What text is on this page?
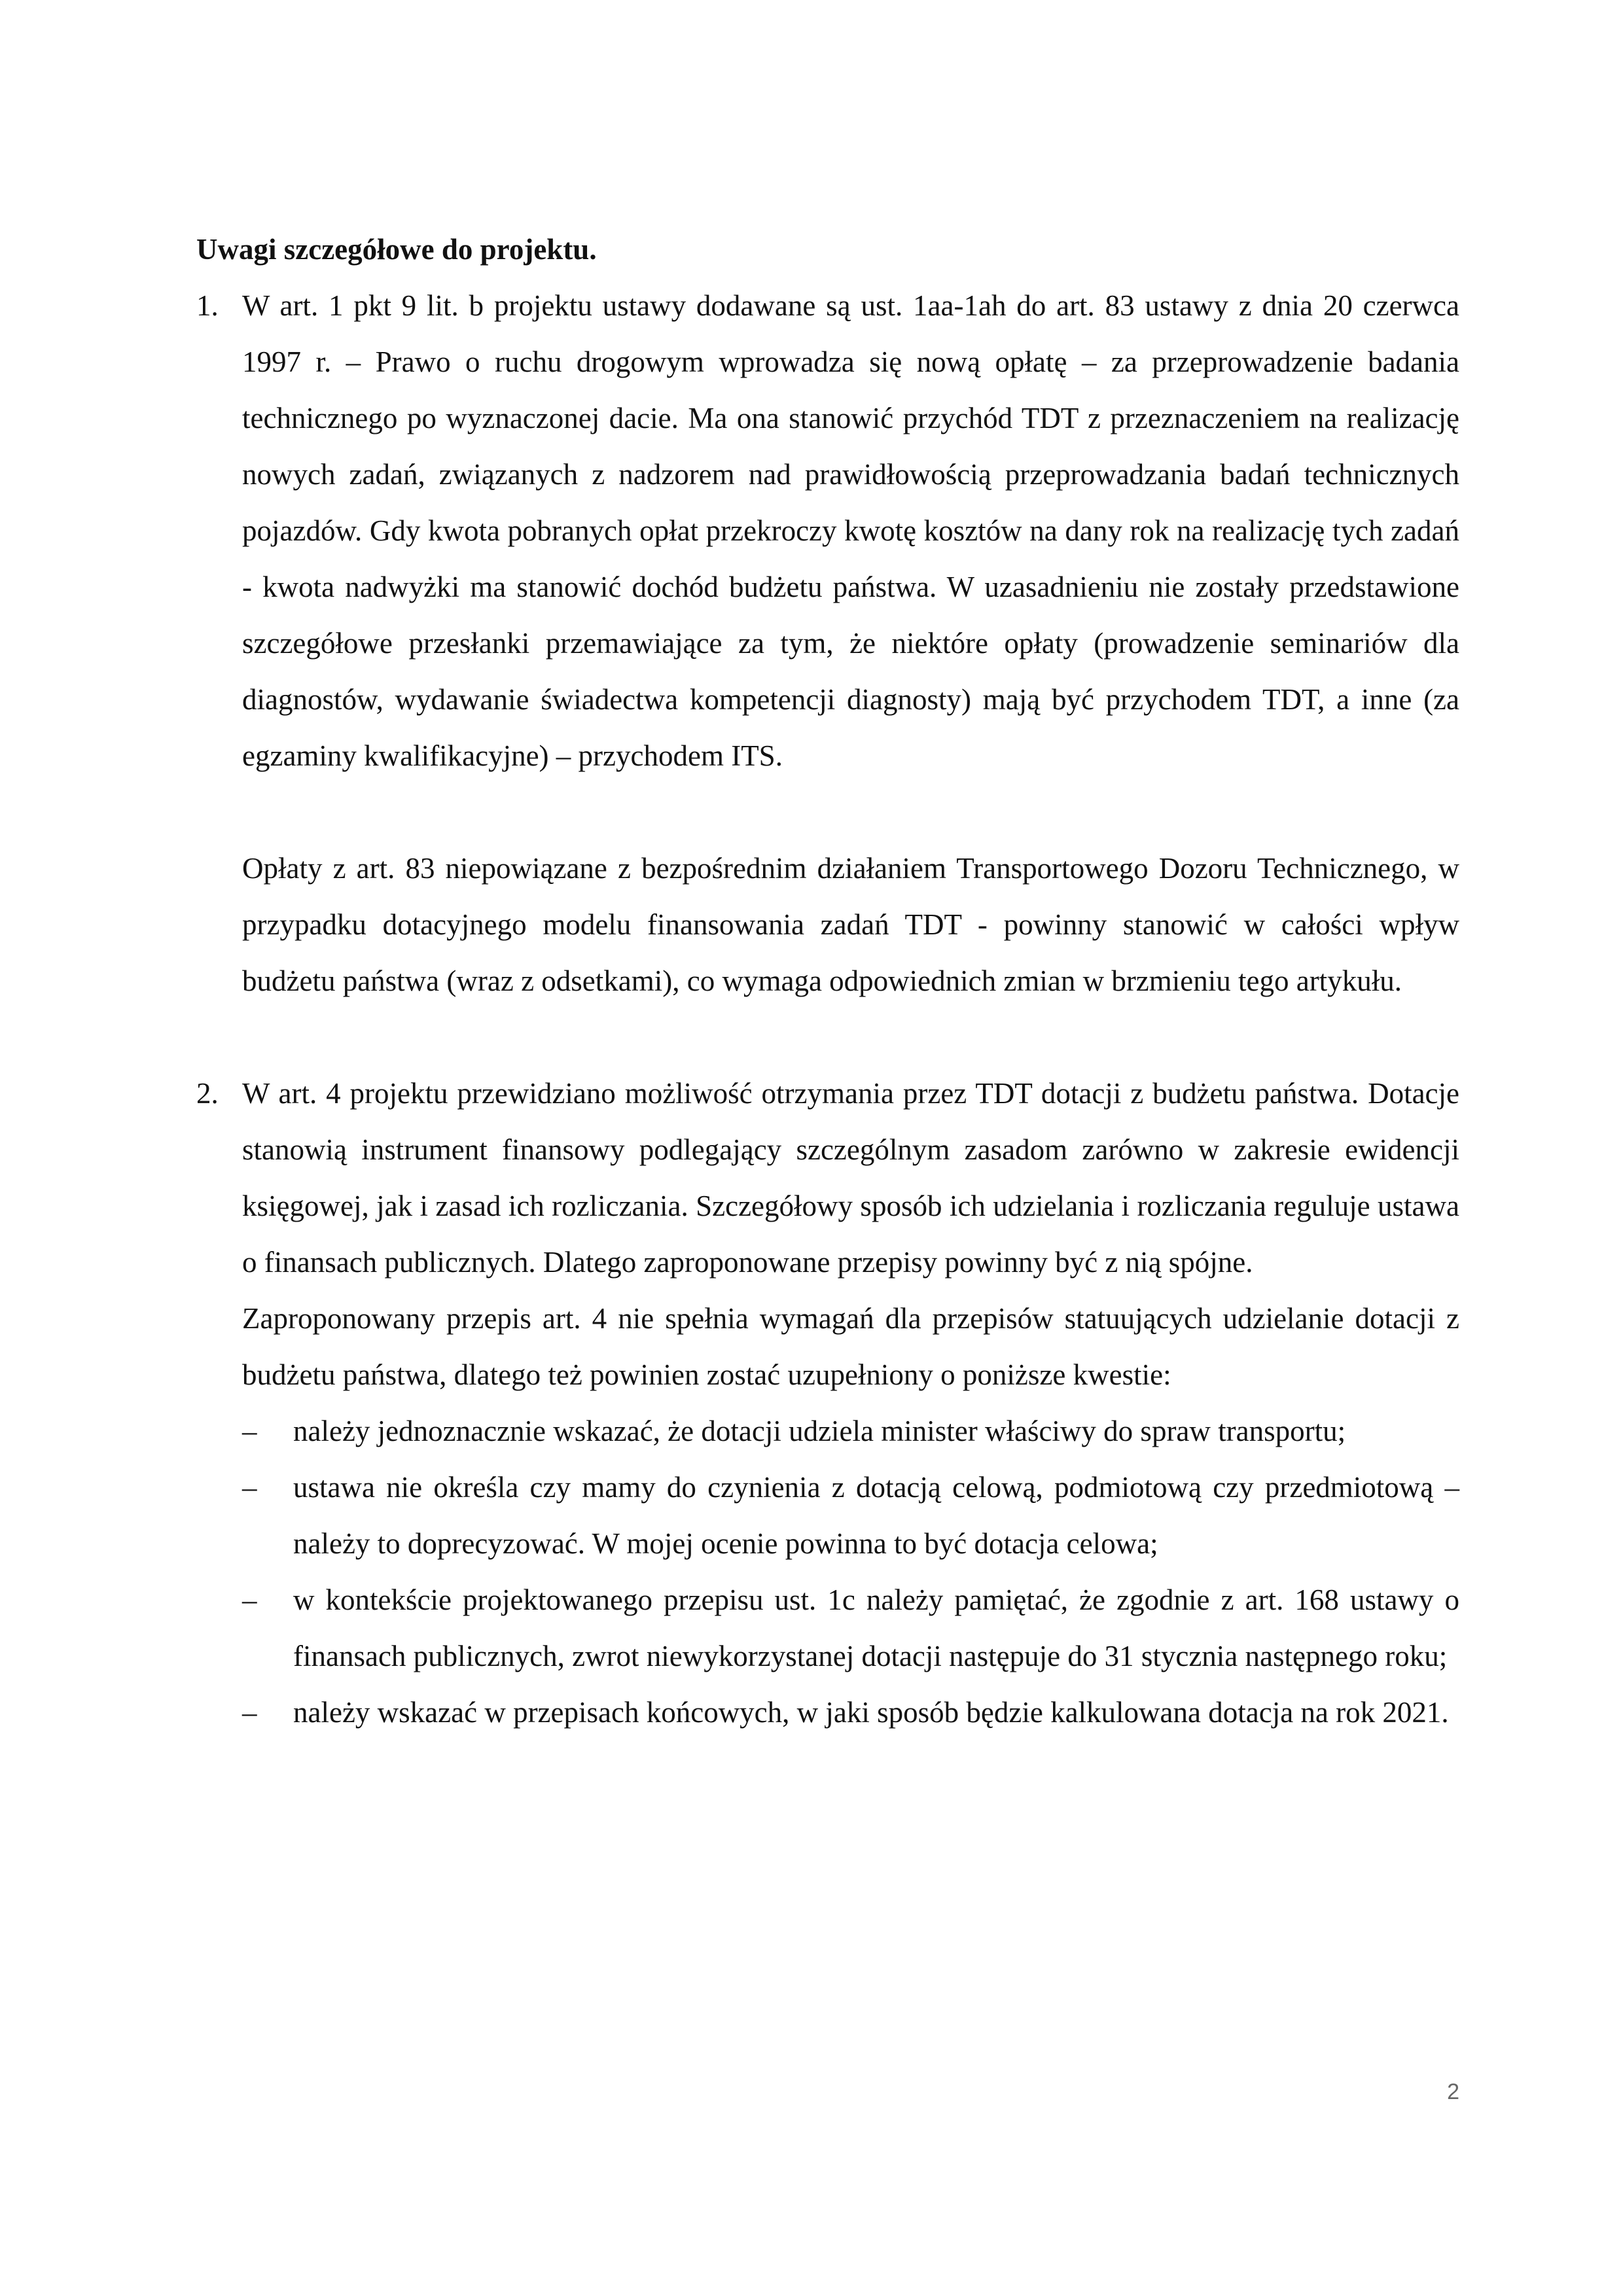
Uwagi szczegółowe do projektu.

1. W art. 1 pkt 9 lit. b projektu ustawy dodawane są ust. 1aa-1ah do art. 83 ustawy z dnia 20 czerwca 1997 r. – Prawo o ruchu drogowym wprowadza się nową opłatę – za przeprowadzenie badania technicznego po wyznaczonej dacie. Ma ona stanowić przychód TDT z przeznaczeniem na realizację nowych zadań, związanych z nadzorem nad prawidłowością przeprowadzania badań technicznych pojazdów. Gdy kwota pobranych opłat przekroczy kwotę kosztów na dany rok na realizację tych zadań - kwota nadwyżki ma stanowić dochód budżetu państwa. W uzasadnieniu nie zostały przedstawione szczegółowe przesłanki przemawiające za tym, że niektóre opłaty (prowadzenie seminariów dla diagnostów, wydawanie świadectwa kompetencji diagnosty) mają być przychodem TDT, a inne (za egzaminy kwalifikacyjne) – przychodem ITS.

Opłaty z art. 83 niepowiązane z bezpośrednim działaniem Transportowego Dozoru Technicznego, w przypadku dotacyjnego modelu finansowania zadań TDT - powinny stanowić w całości wpływ budżetu państwa (wraz z odsetkami), co wymaga odpowiednich zmian w brzmieniu tego artykułu.

2. W art. 4 projektu przewidziano możliwość otrzymania przez TDT dotacji z budżetu państwa. Dotacje stanowią instrument finansowy podlegający szczególnym zasadom zarówno w zakresie ewidencji księgowej, jak i zasad ich rozliczania. Szczegółowy sposób ich udzielania i rozliczania reguluje ustawa o finansach publicznych. Dlatego zaproponowane przepisy powinny być z nią spójne.

Zaproponowany przepis art. 4 nie spełnia wymagań dla przepisów statuujących udzielanie dotacji z budżetu państwa, dlatego też powinien zostać uzupełniony o poniższe kwestie:

– należy jednoznacznie wskazać, że dotacji udziela minister właściwy do spraw transportu;
– ustawa nie określa czy mamy do czynienia z dotacją celową, podmiotową czy przedmiotową – należy to doprecyzować. W mojej ocenie powinna to być dotacja celowa;
– w kontekście projektowanego przepisu ust. 1c należy pamiętać, że zgodnie z art. 168 ustawy o finansach publicznych, zwrot niewykorzystanej dotacji następuje do 31 stycznia następnego roku;
– należy wskazać w przepisach końcowych, w jaki sposób będzie kalkulowana dotacja na rok 2021.
2
